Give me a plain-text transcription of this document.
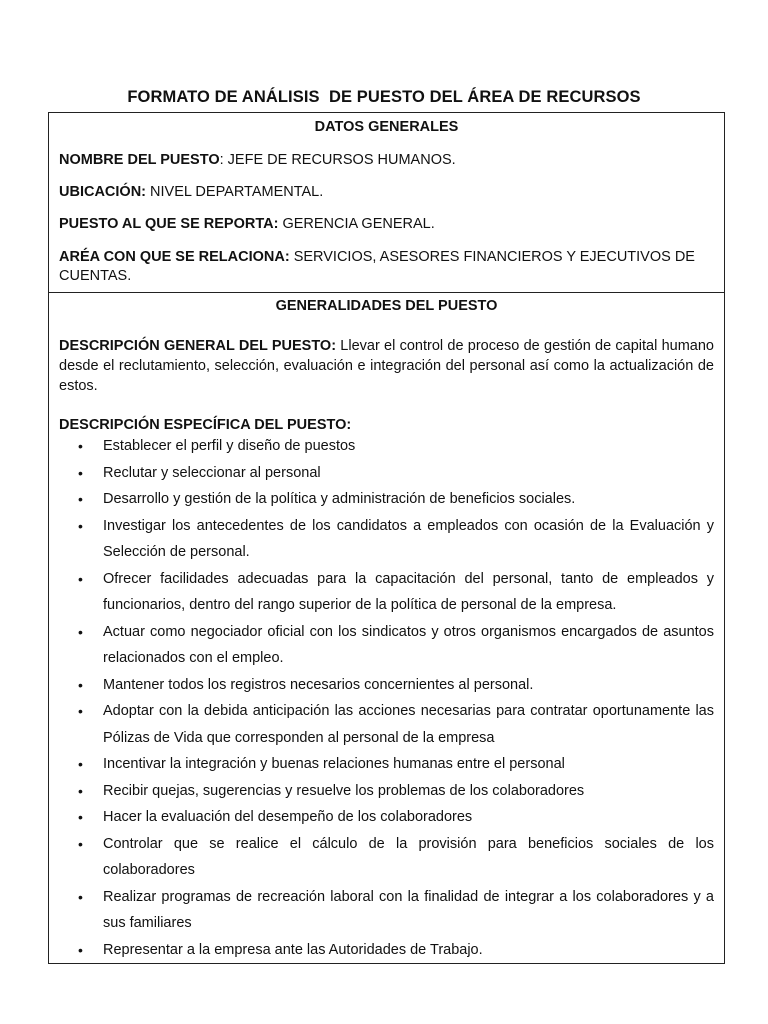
FORMATO DE ANÁLISIS  DE PUESTO DEL ÁREA DE RECURSOS
DATOS GENERALES
NOMBRE DEL PUESTO: JEFE DE RECURSOS HUMANOS.
UBICACIÓN: NIVEL DEPARTAMENTAL.
PUESTO AL QUE SE REPORTA: GERENCIA GENERAL.
ARÉA CON QUE SE RELACIONA: SERVICIOS, ASESORES FINANCIEROS Y EJECUTIVOS DE CUENTAS.
GENERALIDADES DEL PUESTO
DESCRIPCIÓN GENERAL DEL PUESTO: Llevar el control de proceso de gestión de capital humano desde el reclutamiento, selección, evaluación e integración del personal así como la actualización de estos.
DESCRIPCIÓN ESPECÍFICA DEL PUESTO:
• Establecer el perfil y diseño de puestos
• Reclutar y seleccionar al personal
• Desarrollo y gestión de la política y administración de beneficios sociales.
• Investigar los antecedentes de los candidatos a empleados con ocasión de la Evaluación y Selección de personal.
• Ofrecer facilidades adecuadas para la capacitación del personal, tanto de empleados y funcionarios, dentro del rango superior de la política de personal de la empresa.
• Actuar como negociador oficial con los sindicatos y otros organismos encargados de asuntos relacionados con el empleo.
• Mantener todos los registros necesarios concernientes al personal.
• Adoptar con la debida anticipación las acciones necesarias para contratar oportunamente las Pólizas de Vida que corresponden al personal de la empresa
• Incentivar la integración y buenas relaciones humanas entre el personal
• Recibir quejas, sugerencias y resuelve los problemas de los colaboradores
• Hacer la evaluación del desempeño de los colaboradores
• Controlar que se realice el cálculo de la provisión para beneficios sociales de los colaboradores
• Realizar programas de recreación laboral con la finalidad de integrar a los colaboradores y a sus familiares
• Representar a la empresa ante las Autoridades de Trabajo.
